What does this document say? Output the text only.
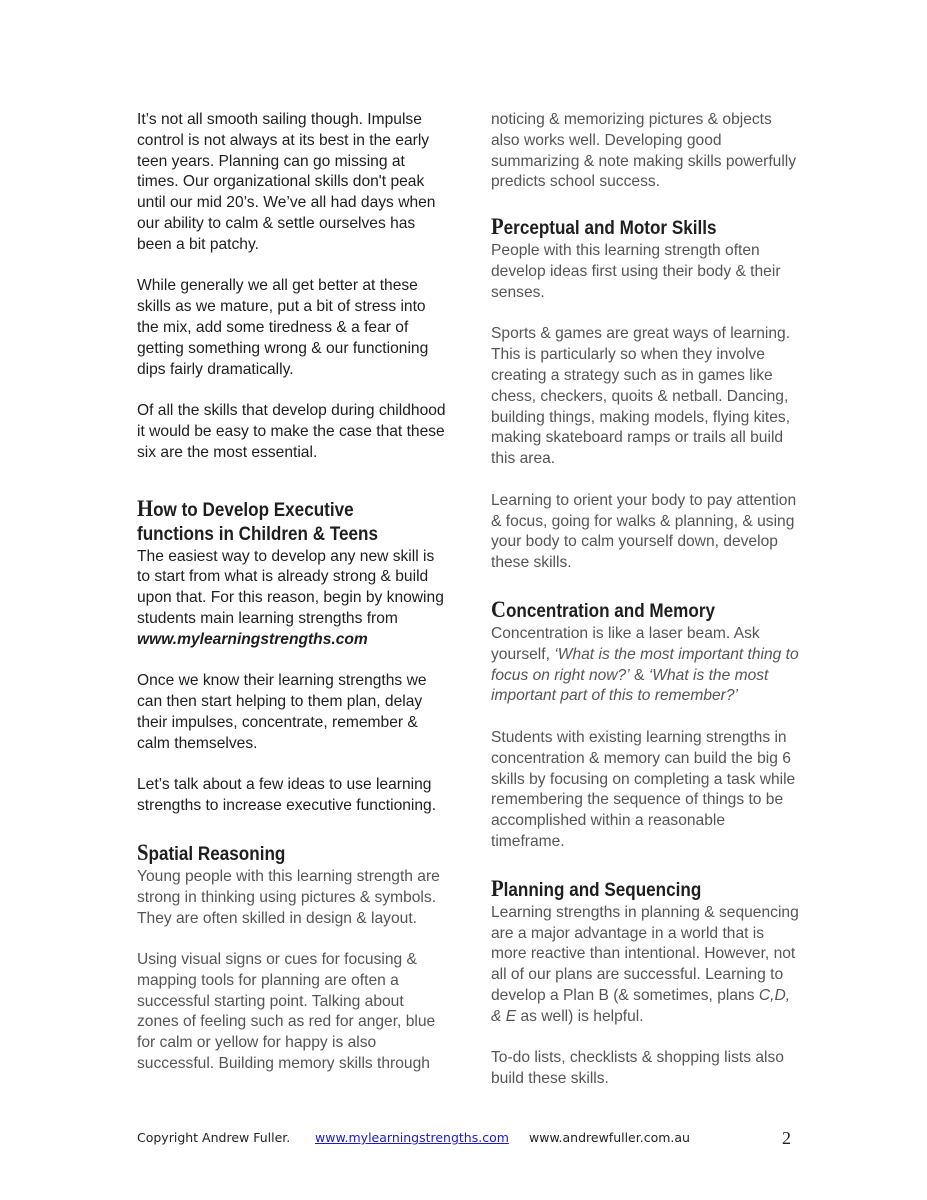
It’s not all smooth sailing though. Impulse control is not always at its best in the early teen years. Planning can go missing at times. Our organizational skills don't peak until our mid 20’s. We’ve all had days when our ability to calm & settle ourselves has been a bit patchy.

While generally we all get better at these skills as we mature, put a bit of stress into the mix, add some tiredness & a fear of getting something wrong & our functioning dips fairly dramatically.

Of all the skills that develop during childhood it would be easy to make the case that these six are the most essential.

How to Develop Executive
functions in Children & Teens

The easiest way to develop any new skill is to start from what is already strong & build upon that. For this reason, begin by knowing students main learning strengths from www.mylearningstrengths.com

Once we know their learning strengths we can then start helping to them plan, delay their impulses, concentrate, remember & calm themselves.

Let’s talk about a few ideas to use learning strengths to increase executive functioning.

Spatial Reasoning

Young people with this learning strength are strong in thinking using pictures & symbols. They are often skilled in design & layout.

Using visual signs or cues for focusing & mapping tools for planning are often a successful starting point. Talking about zones of feeling such as red for anger, blue for calm or yellow for happy is also successful. Building memory skills through

noticing & memorizing pictures & objects also works well. Developing good summarizing & note making skills powerfully predicts school success.

Perceptual and Motor Skills

People with this learning strength often develop ideas first using their body & their senses.

Sports & games are great ways of learning. This is particularly so when they involve creating a strategy such as in games like chess, checkers, quoits & netball. Dancing, building things, making models, flying kites, making skateboard ramps or trails all build this area.

Learning to orient your body to pay attention & focus, going for walks & planning, & using your body to calm yourself down, develop these skills.

Concentration and Memory

Concentration is like a laser beam. Ask yourself, ‘What is the most important thing to focus on right now?’ & ‘What is the most important part of this to remember?’

Students with existing learning strengths in concentration & memory can build the big 6 skills by focusing on completing a task while remembering the sequence of things to be accomplished within a reasonable timeframe.

Planning and Sequencing

Learning strengths in planning & sequencing are a major advantage in a world that is more reactive than intentional. However, not all of our plans are successful. Learning to develop a Plan B (& sometimes, plans C,D, & E as well) is helpful.

To-do lists, checklists & shopping lists also build these skills.

Copyright Andrew Fuller. www.mylearningstrengths.com www.andrewfuller.com.au	2
